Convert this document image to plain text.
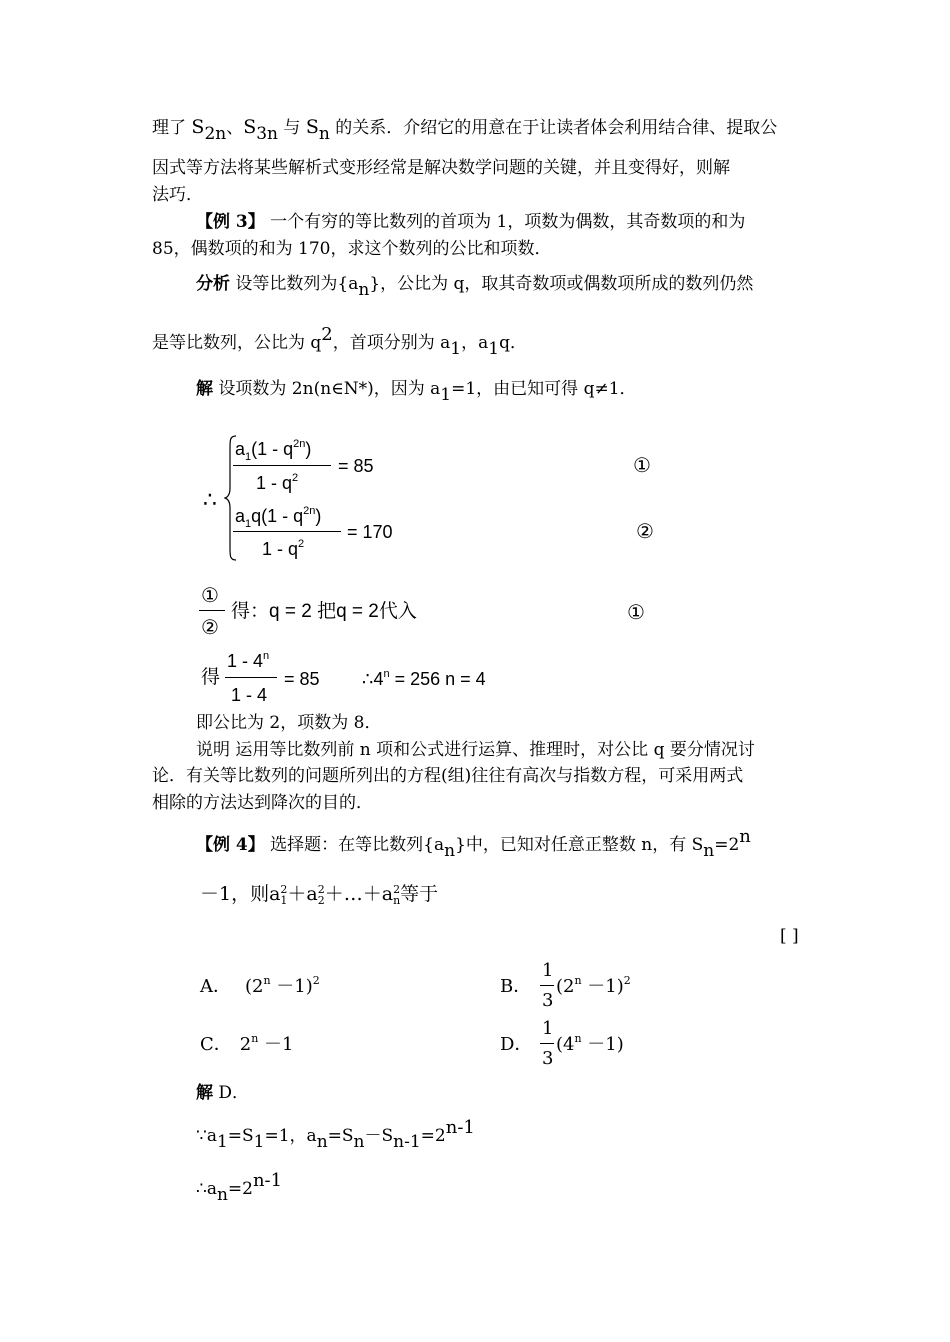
理了 S2n、S3n 与 Sn 的关系．介绍它的用意在于让读者体会利用结合律、提取公
因式等方法将某些解析式变形经常是解决数学问题的关键，并且变得好，则解
法巧．
【例 3】 一个有穷的等比数列的首项为 1，项数为偶数，其奇数项的和为
85，偶数项的和为 170，求这个数列的公比和项数．
分析 设等比数列为{an}，公比为 q，取其奇数项或偶数项所成的数列仍然
是等比数列，公比为 q2，首项分别为 a1，a1q．
解 设项数为 2n(n∈N*)，因为 a1=1，由已知可得 q≠1．
∴
$a_1(1 - q^{2n})$
$1 - q^2$
= 85	①
$a_1q(1 - q^{2n})$
$1 - q^2$
= 170	②
①
②
得：q = 2 把q = 2代入	①
得
1 - 4$^n$
1 - 4
= 85 $\therefore 4^n = 256$ n = 4
即公比为 2，项数为 8．
说明 运用等比数列前 n 项和公式进行运算、推理时，对公比 q 要分情况讨
论．有关等比数列的问题所列出的方程(组)往往有高次与指数方程，可采用两式
相除的方法达到降次的目的．
【例 4】 选择题：在等比数列{an}中，已知对任意正整数 n，有 Sn=2n
－1，则a 2
1 ＋a 2
2 ＋…＋a 2
n 等于
[ ]
A． $(2^n -1)^2$	B．
1
3
$(2^n -1)^2$
C． $2^n -1$	D．
1
3
$(4^n -1)$
解 D．
∵a1=S1=1，an=Sn－Sn-1=2n-1
∴an=2n-1
